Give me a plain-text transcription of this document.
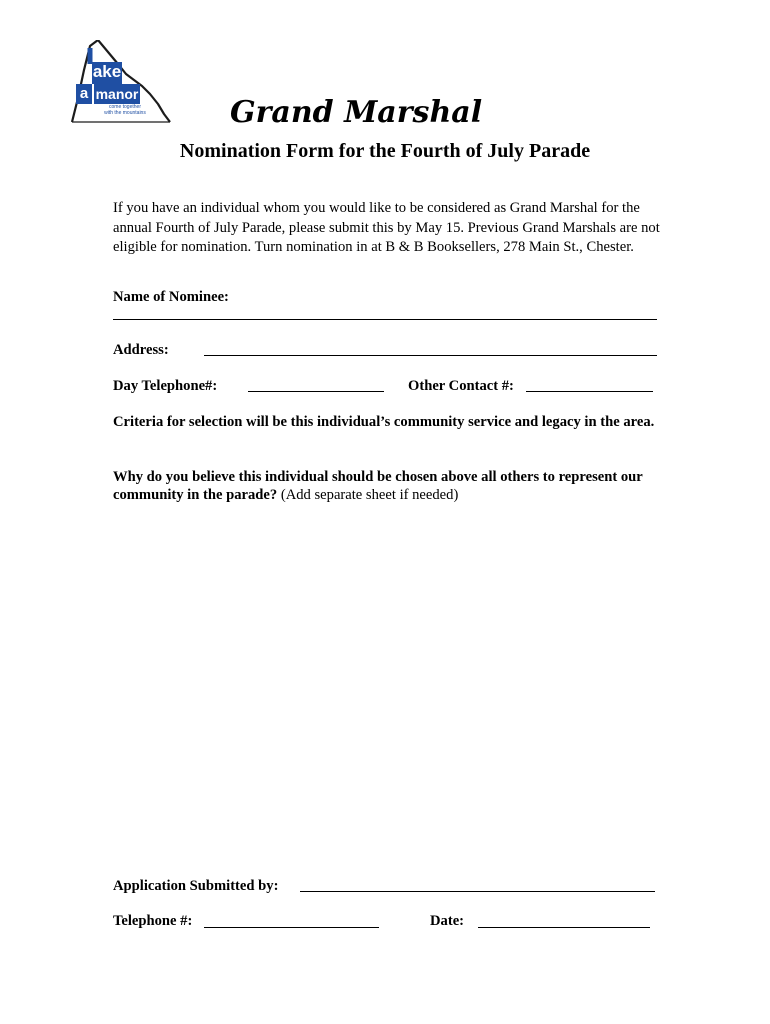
ake
a manor
come together
with the mountains	Grand Marshal
Nomination Form for the Fourth of July Parade
If you have an individual whom you would like to be considered as Grand Marshal for the annual Fourth of July Parade, please submit this by May 15. Previous Grand Marshals are not eligible for nomination. Turn nomination in at B & B Booksellers, 278 Main St., Chester.
Name of Nominee:
Address:
Day Telephone#:	Other Contact #:
Criteria for selection will be this individual’s community service and legacy in the area.
Why do you believe this individual should be chosen above all others to represent our community in the parade? (Add separate sheet if needed)
Application Submitted by:
Telephone #:	Date:
